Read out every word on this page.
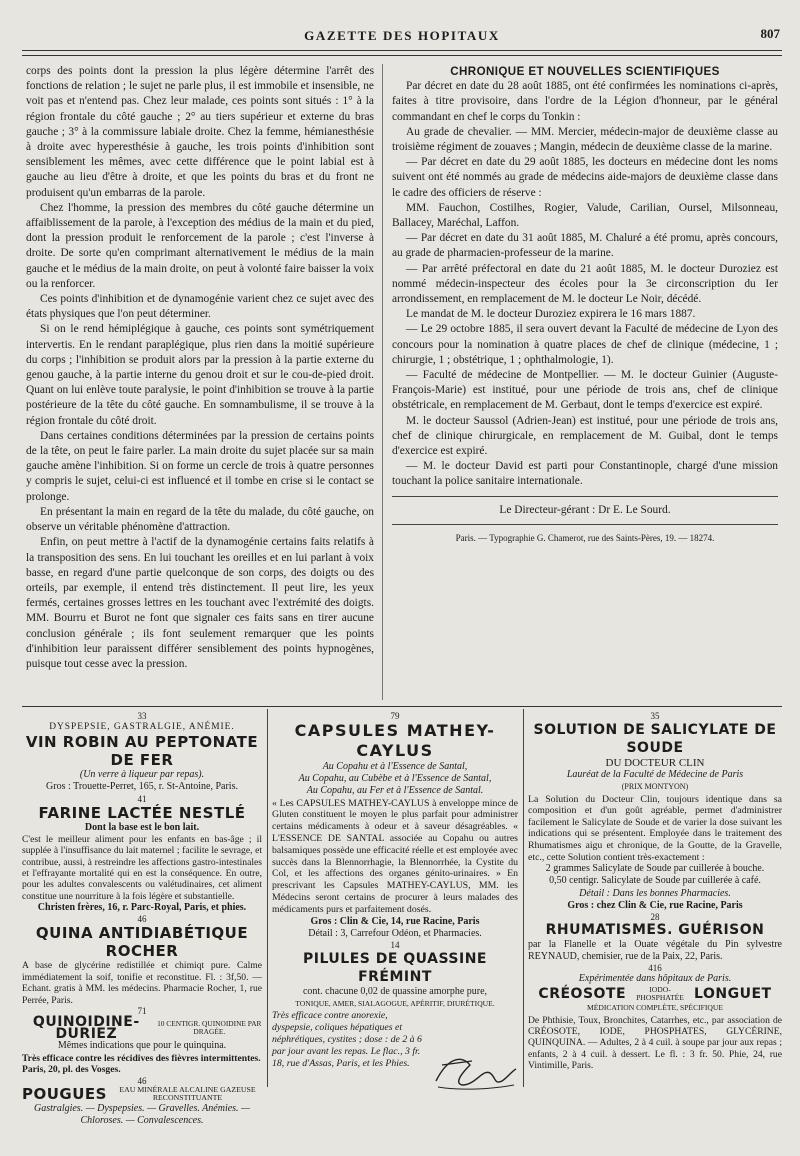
GAZETTE DES HOPITAUX	807

corps des points dont la pression la plus légère détermine l'arrêt des fonctions de relation ; le sujet ne parle plus, il est immobile et insensible, ne voit pas et n'entend pas. Chez leur malade, ces points sont situés : 1° à la région frontale du côté gauche ; 2° au tiers supérieur et externe du bras gauche ; 3° à la commissure labiale droite. Chez la femme, hémianesthésie à droite avec hyperesthésie à gauche, les trois points d'inhibition sont sensiblement les mêmes, avec cette différence que le point labial est à gauche au lieu d'être à droite, et que les points du bras et du front ne produisent qu'un embarras de la parole.

Chez l'homme, la pression des membres du côté gauche détermine un affaiblissement de la parole, à l'exception des médius de la main et du pied, dont la pression produit le renforcement de la parole ; c'est l'inverse à droite. De sorte qu'en comprimant alternativement le médius de la main gauche et le médius de la main droite, on peut à volonté faire baisser la voix ou la renforcer.

Ces points d'inhibition et de dynamogénie varient chez ce sujet avec des états physiques que l'on peut déterminer.

Si on le rend hémiplégique à gauche, ces points sont symétriquement intervertis. En le rendant paraplégique, plus rien dans la moitié supérieure du corps ; l'inhibition se produit alors par la pression à la partie externe du genou gauche, à la partie interne du genou droit et sur le cou-de-pied droit. Quant on lui enlève toute paralysie, le point d'inhibition se trouve à la partie postérieure de la tête du côté gauche. En somnambulisme, il se trouve à la région frontale du côté droit.

Dans certaines conditions déterminées par la pression de certains points de la tête, on peut le faire parler. La main droite du sujet placée sur sa main gauche amène l'inhibition. Si on forme un cercle de trois à quatre personnes y compris le sujet, celui-ci est influencé et il tombe en crise si le contact se prolonge.

En présentant la main en regard de la tête du malade, du côté gauche, on observe un véritable phénomène d'attraction.

Enfin, on peut mettre à l'actif de la dynamogénie certains faits relatifs à la transposition des sens. En lui touchant les oreilles et en lui parlant à voix basse, en regard d'une partie quelconque de son corps, des doigts ou des orteils, par exemple, il entend très distinctement. Il peut lire, les yeux fermés, certaines grosses lettres en les touchant avec l'extrémité des doigts. MM. Bourru et Burot ne font que signaler ces faits sans en tirer aucune conclusion générale ; ils font seulement remarquer que les points d'inhibition leur paraissent différer sensiblement des points hypnogènes, puisque tout cesse avec la pression.

CHRONIQUE ET NOUVELLES SCIENTIFIQUES

Par décret en date du 28 août 1885, ont été confirmées les nominations ci-après, faites à titre provisoire, dans l'ordre de la Légion d'honneur, par le général commandant en chef le corps du Tonkin :

Au grade de chevalier. — MM. Mercier, médecin-major de deuxième classe au troisième régiment de zouaves ; Mangin, médecin de deuxième classe de la marine.

— Par décret en date du 29 août 1885, les docteurs en médecine dont les noms suivent ont été nommés au grade de médecins aide-majors de deuxième classe dans le cadre des officiers de réserve :

MM. Fauchon, Costilhes, Rogier, Valude, Carilian, Oursel, Milsonneau, Ballacey, Maréchal, Laffon.

— Par décret en date du 31 août 1885, M. Chaluré a été promu, après concours, au grade de pharmacien-professeur de la marine.

— Par arrêté préfectoral en date du 21 août 1885, M. le docteur Duroziez est nommé médecin-inspecteur des écoles pour la 3e circonscription du Ier arrondissement, en remplacement de M. le docteur Le Noir, décédé.

Le mandat de M. le docteur Duroziez expirera le 16 mars 1887.

— Le 29 octobre 1885, il sera ouvert devant la Faculté de médecine de Lyon des concours pour la nomination à quatre places de chef de clinique (médecine, 1 ; chirurgie, 1 ; obstétrique, 1 ; ophthalmologie, 1).

— Faculté de médecine de Montpellier. — M. le docteur Guinier (Auguste-François-Marie) est institué, pour une période de trois ans, chef de clinique obstétricale, en remplacement de M. Gerbaut, dont le temps d'exercice est expiré.

M. le docteur Saussol (Adrien-Jean) est institué, pour une période de trois ans, chef de clinique chirurgicale, en remplacement de M. Guibal, dont le temps d'exercice est expiré.

— M. le docteur David est parti pour Constantinople, chargé d'une mission touchant la police sanitaire internationale.

Le Directeur-gérant : Dr E. Le Sourd.

Paris. — Typographie G. Chamerot, rue des Saints-Pères, 19. — 18274.

33
DYSPEPSIE, GASTRALGIE, ANÉMIE.
VIN ROBIN AU PEPTONATE DE FER
(Un verre à liqueur par repas).
Gros : Trouette-Perret, 165, r. St-Antoine, Paris.
41
FARINE LACTÉE NESTLÉ
Dont la base est le bon lait.
C'est le meilleur aliment pour les enfants en bas-âge ; il supplée à l'insuffisance du lait maternel ; facilite le sevrage, et contribue, aussi, à restreindre les affections gastro-intestinales et l'effrayante mortalité qui en est la conséquence. En outre, pour les adultes convalescents ou valétudinaires, cet aliment constitue une nourriture à la fois légère et substantielle.
Christen frères, 16, r. Parc-Royal, Paris, et phies.
46
QUINA ANTIDIABÉTIQUE ROCHER
A base de glycérine redistillée et chimiqt pure. Calme immédiatement la soif, tonifie et reconstitue. Fl. : 3f,50. — Echant. gratis à MM. les médecins. Pharmacie Rocher, 1, rue Perrée, Paris.
71
QUINOIDINE-DURIEZ
10 CENTIGR. QUINOIDINE PAR DRAGÉE.
Mêmes indications que pour le quinquina.
Très efficace contre les récidives des fièvres intermittentes. Paris, 20, pl. des Vosges.
46
POUGUES	EAU MINÉRALE ALCALINE GAZEUSE RECONSTITUANTE
Gastralgies. — Dyspepsies. — Gravelles. Anémies. — Chloroses. — Convalescences.
79
CAPSULES MATHEY-CAYLUS
Au Copahu et à l'Essence de Santal,
Au Copahu, au Cubèbe et à l'Essence de Santal,
Au Copahu, au Fer et à l'Essence de Santal.
« Les CAPSULES MATHEY-CAYLUS à enveloppe mince de Gluten constituent le moyen le plus parfait pour administrer certains médicaments à odeur et à saveur désagréables. « L'ESSENCE DE SANTAL associée au Copahu ou autres balsamiques possède une efficacité réelle et est employée avec succès dans la Blennorrhagie, la Blennorrhée, la Cystite du Col, et les affections des organes génito-urinaires. » En prescrivant les Capsules MATHEY-CAYLUS, MM. les Médecins seront certains de procurer à leurs malades des médicaments purs et parfaitement dosés.
Gros : Clin & Cie, 14, rue Racine, Paris
Détail : 3, Carrefour Odéon, et Pharmacies.
14
PILULES DE QUASSINE FRÉMINT
cont. chacune 0,02 de quassine amorphe pure,
TONIQUE, AMER, SIALAGOGUE, APÉRITIF, DIURÉTIQUE.
Très efficace contre anorexie, dyspepsie, coliques hépatiques et néphrétiques, cystites ; dose : de 2 à 6 par jour avant les repas. Le flac., 3 fr. 18, rue d'Assas, Paris, et les Phies.
35
SOLUTION DE SALICYLATE DE SOUDE
DU DOCTEUR CLIN
Lauréat de la Faculté de Médecine de Paris
(PRIX MONTYON)
La Solution du Docteur Clin, toujours identique dans sa composition et d'un goût agréable, permet d'administrer facilement le Salicylate de Soude et de varier la dose suivant les indications qui se présentent. Employée dans le traitement des Rhumatismes aigu et chronique, de la Goutte, de la Gravelle, etc., cette Solution contient très-exactement :
2 grammes Salicylate de Soude par cuillerée à bouche.
0,50 centigr. Salicylate de Soude par cuillerée à café.
Détail : Dans les bonnes Pharmacies.
Gros : chez Clin & Cie, rue Racine, Paris
28
RHUMATISMES. GUÉRISON
par la Flanelle et la Ouate végétale du Pin sylvestre REYNAUD, chemisier, rue de la Paix, 22, Paris.
416
Expérimentée dans hôpitaux de Paris.
CRÉOSOTE	IODO- PHOSPHATÉE LONGUET
MÉDICATION COMPLÈTE, SPÉCIFIQUE
De Phthisie, Toux, Bronchites, Catarrhes, etc., par association de CRÉOSOTE, IODE, PHOSPHATES, GLYCÉRINE, QUINQUINA. — Adultes, 2 à 4 cuil. à soupe par jour aux repas ; enfants, 2 à 4 cuil. à dessert. Le fl. : 3 fr. 50. Phie, 24, rue Vintimille, Paris.
